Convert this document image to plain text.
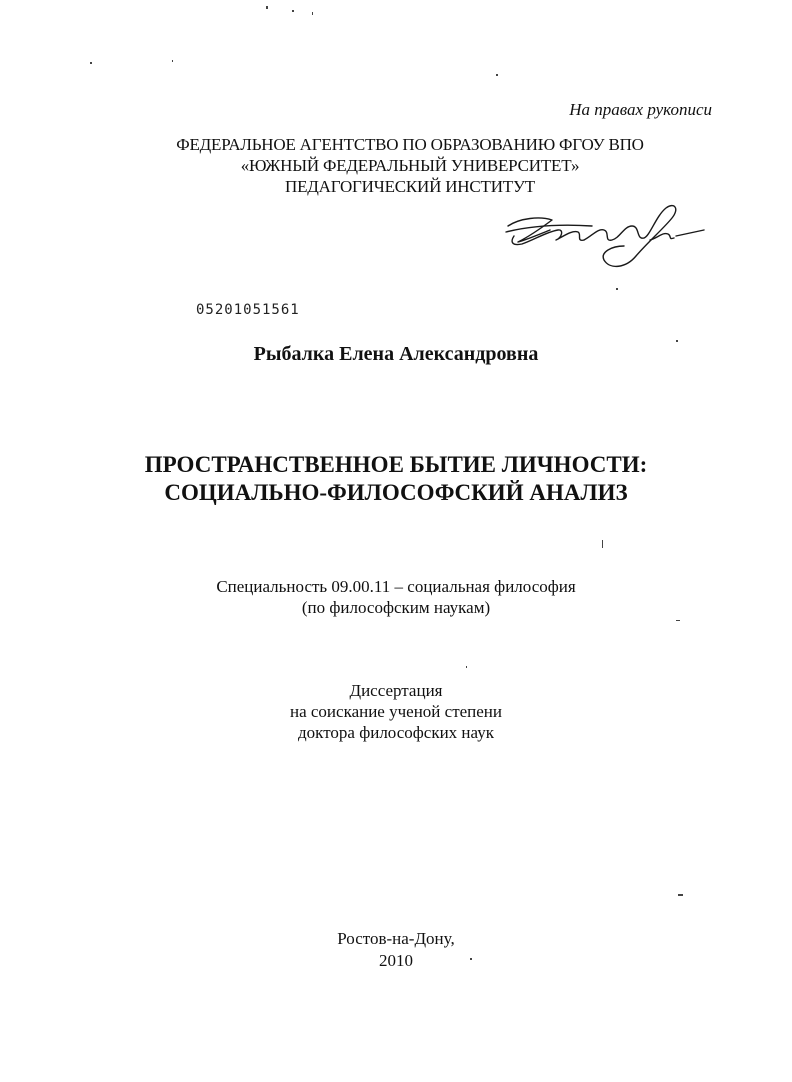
На правах рукописи

ФЕДЕРАЛЬНОЕ АГЕНТСТВО ПО ОБРАЗОВАНИЮ ФГОУ ВПО
«ЮЖНЫЙ ФЕДЕРАЛЬНЫЙ УНИВЕРСИТЕТ»
ПЕДАГОГИЧЕСКИЙ ИНСТИТУТ

05201051561

Рыбалка Елена Александровна

ПРОСТРАНСТВЕННОЕ БЫТИЕ ЛИЧНОСТИ:
СОЦИАЛЬНО-ФИЛОСОФСКИЙ АНАЛИЗ
Специальность 09.00.11 – социальная философия
(по философским наукам)
Диссертация
на соискание ученой степени
доктора философских наук
Ростов-на-Дону,
2010
